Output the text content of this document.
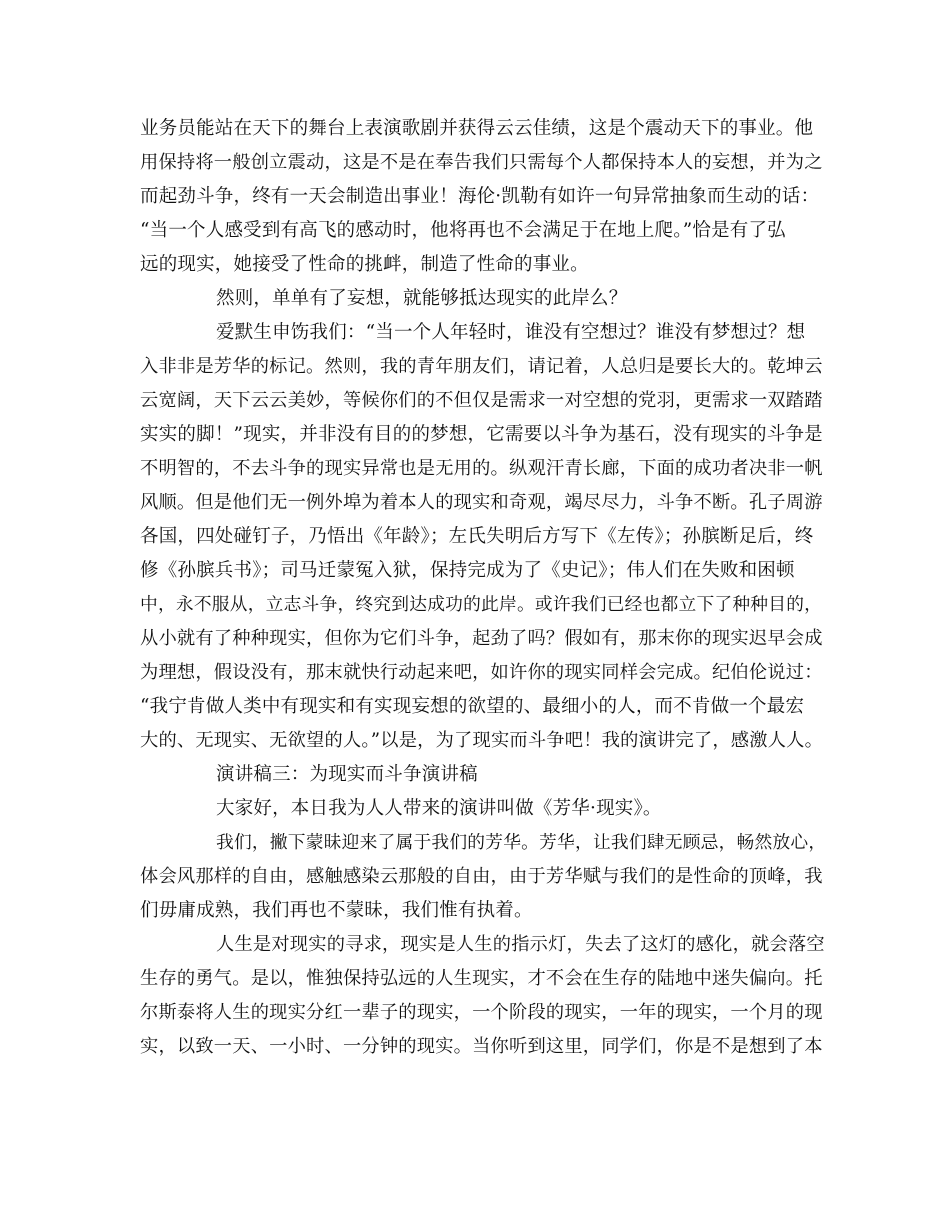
业务员能站在天下的舞台上表演歌剧并获得云云佳绩，这是个震动天下的事业。他
用保持将一般创立震动，这是不是在奉告我们只需每个人都保持本人的妄想，并为之
而起劲斗争，终有一天会制造出事业！海伦·凯勒有如许一句异常抽象而生动的话：
“当一个人感受到有高飞的感动时，他将再也不会满足于在地上爬。”恰是有了弘
远的现实，她接受了性命的挑衅，制造了性命的事业。
然则，单单有了妄想，就能够抵达现实的此岸么？
爱默生申饬我们：“当一个人年轻时，谁没有空想过？谁没有梦想过？想
入非非是芳华的标记。然则，我的青年朋友们，请记着，人总归是要长大的。乾坤云
云宽阔，天下云云美妙，等候你们的不但仅是需求一对空想的党羽，更需求一双踏踏
实实的脚！”现实，并非没有目的的梦想，它需要以斗争为基石，没有现实的斗争是
不明智的，不去斗争的现实异常也是无用的。纵观汗青长廊，下面的成功者决非一帆
风顺。但是他们无一例外埠为着本人的现实和奇观，竭尽尽力，斗争不断。孔子周游
各国，四处碰钉子，乃悟出《年龄》；左氏失明后方写下《左传》；孙膑断足后，终
修《孙膑兵书》；司马迁蒙冤入狱，保持完成为了《史记》；伟人们在失败和困顿
中，永不服从，立志斗争，终究到达成功的此岸。或许我们已经也都立下了种种目的，
从小就有了种种现实，但你为它们斗争，起劲了吗？假如有，那末你的现实迟早会成
为理想，假设没有，那末就快行动起来吧，如许你的现实同样会完成。纪伯伦说过：
“我宁肯做人类中有现实和有实现妄想的欲望的、最细小的人，而不肯做一个最宏
大的、无现实、无欲望的人。”以是，为了现实而斗争吧！我的演讲完了，感激人人。
演讲稿三：为现实而斗争演讲稿
大家好，本日我为人人带来的演讲叫做《芳华·现实》。
我们，撇下蒙昧迎来了属于我们的芳华。芳华，让我们肆无顾忌，畅然放心，
体会风那样的自由，感触感染云那般的自由，由于芳华赋与我们的是性命的顶峰，我
们毋庸成熟，我们再也不蒙昧，我们惟有执着。
人生是对现实的寻求，现实是人生的指示灯，失去了这灯的感化，就会落空
生存的勇气。是以，惟独保持弘远的人生现实，才不会在生存的陆地中迷失偏向。托
尔斯泰将人生的现实分红一辈子的现实，一个阶段的现实，一年的现实，一个月的现
实，以致一天、一小时、一分钟的现实。当你听到这里，同学们，你是不是想到了本
